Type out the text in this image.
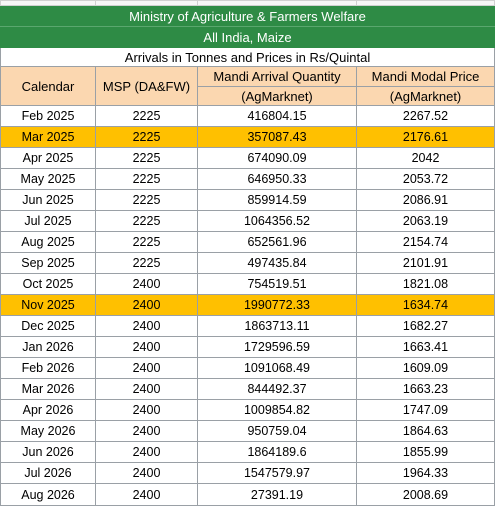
Ministry of Agriculture & Farmers Welfare			
All India, Maize			
Arrivals in Tonnes and Prices in Rs/Quintal			
Calendar	MSP (DA&FW)	Mandi Arrival Quantity	Mandi Modal Price
		(AgMarknet)	(AgMarknet)
Feb 2025	2225	416804.15	2267.52
Mar 2025	2225	357087.43	2176.61
Apr 2025	2225	674090.09	2042
May 2025	2225	646950.33	2053.72
Jun 2025	2225	859914.59	2086.91
Jul 2025	2225	1064356.52	2063.19
Aug 2025	2225	652561.96	2154.74
Sep 2025	2225	497435.84	2101.91
Oct 2025	2400	754519.51	1821.08
Nov 2025	2400	1990772.33	1634.74
Dec 2025	2400	1863713.11	1682.27
Jan 2026	2400	1729596.59	1663.41
Feb 2026	2400	1091068.49	1609.09
Mar 2026	2400	844492.37	1663.23
Apr 2026	2400	1009854.82	1747.09
May 2026	2400	950759.04	1864.63
Jun 2026	2400	1864189.6	1855.99
Jul 2026	2400	1547579.97	1964.33
Aug 2026	2400	27391.19	2008.69
